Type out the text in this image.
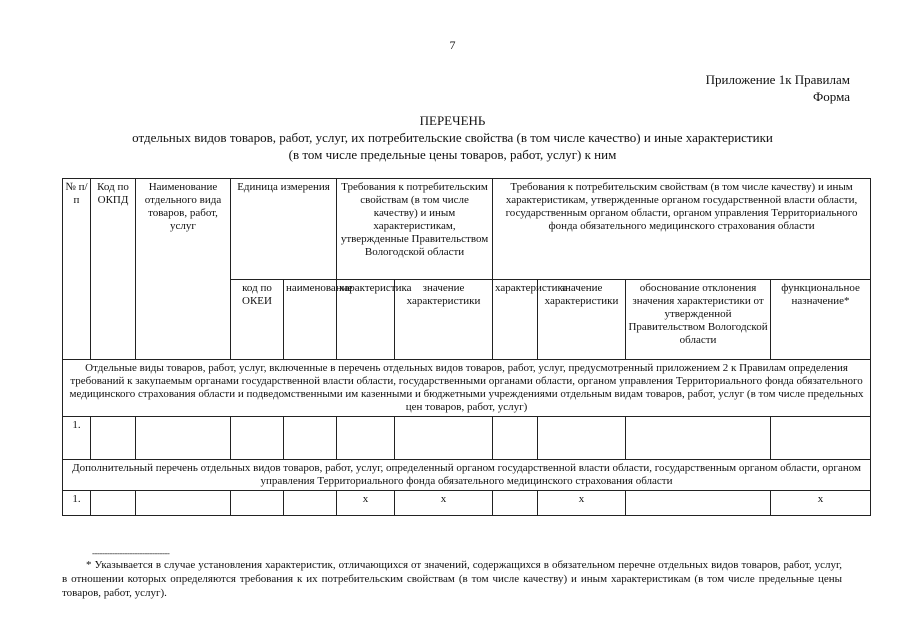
7
Приложение 1к Правилам
Форма
ПЕРЕЧЕНЬ
отдельных видов товаров, работ, услуг, их потребительские свойства (в том числе качество) и иные характеристики
(в том числе предельные цены товаров, работ, услуг) к ним
№ п/п	Код по ОКПД	Наименование отдельного вида товаров, работ, услуг	Единица измерения		Требования к потребительским свойствам (в том числе качеству) и иным характеристикам, утвержденные Правительством Вологодской области		Требования к потребительским свойствам (в том числе качеству) и иным характеристикам, утвержденные органом государственной власти области, государственным органом области, органом управления Территориального фонда обязательного медицинского страхования области			
			код по ОКЕИ	наименование	характеристика	значение характеристики	характеристика	значение характеристики	обоснование отклонения значения характеристики от утвержденной Правительством Вологодской области	функциональное назначение*
Отдельные виды товаров, работ, услуг, включенные в перечень отдельных видов товаров, работ, услуг, предусмотренный приложением 2 к Правилам определения требований к закупаемым органами государственной власти области, государственными органами области, органом управления Территориального фонда обязательного медицинского страхования области и подведомственными им казенными и бюджетными учреждениями отдельным видам товаров, работ, услуг (в том числе предельных цен товаров, работ, услуг)										
1.										
Дополнительный перечень отдельных видов товаров, работ, услуг, определенный органом государственной власти области, государственным органом области, органом управления Территориального фонда обязательного медицинского страхования области										
1.					x	x		x		x
-------------------------------
* Указывается в случае установления характеристик, отличающихся от значений, содержащихся в обязательном перечне отдельных видов товаров, работ, услуг, в отношении которых определяются требования к их потребительским свойствам (в том числе качеству) и иным характеристикам (в том числе предельные цены товаров, работ, услуг).
